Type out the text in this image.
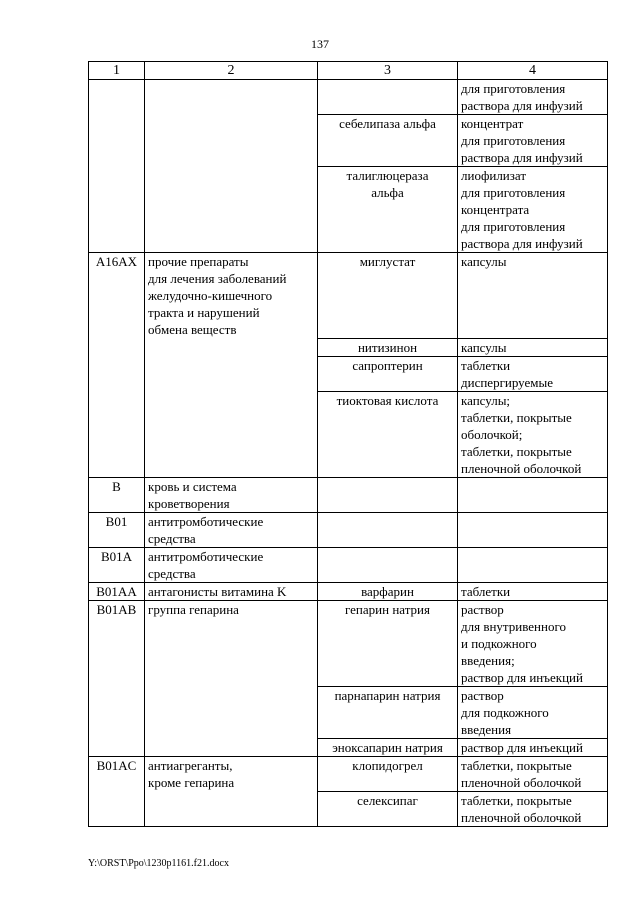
137
1	2	3	4

			для приготовления
раствора для инфузий

		себелипаза альфа	концентрат
для приготовления
раствора для инфузий

		талиглюцераза
альфа	лиофилизат
для приготовления
концентрата
для приготовления
раствора для инфузий

A16AX	прочие препараты
для лечения заболеваний
желудочно-кишечного
тракта и нарушений
обмена веществ	миглустат	капсулы

		нитизинон	капсулы

		сапроптерин	таблетки
диспергируемые

		тиоктовая кислота	капсулы;
таблетки, покрытые
оболочкой;
таблетки, покрытые
пленочной оболочкой

B	кровь и система
кроветворения		

B01	антитромботические
средства		

B01A	антитромботические
средства		

B01AA	антагонисты витамина K	варфарин	таблетки

B01AB	группа гепарина	гепарин натрия	раствор
для внутривенного
и подкожного
введения;
раствор для инъекций

		парнапарин натрия	раствор
для подкожного
введения

		эноксапарин натрия	раствор для инъекций

B01AC	антиагреганты,
кроме гепарина	клопидогрел	таблетки, покрытые
пленочной оболочкой

		селексипаг	таблетки, покрытые
пленочной оболочкой
Y:\ORST\Ppo\1230p1161.f21.docx
